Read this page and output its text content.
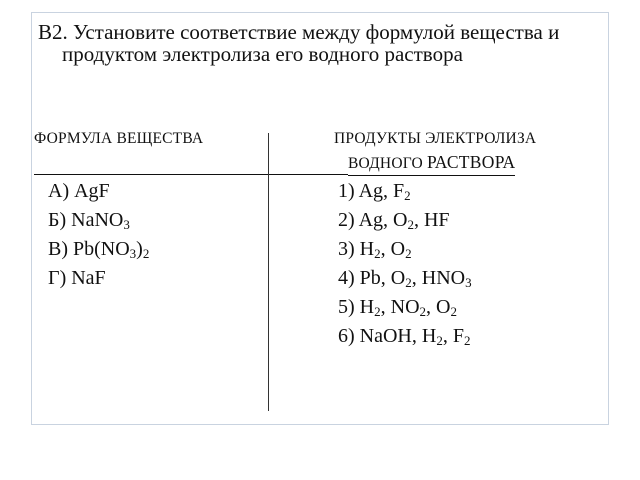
В2. Установите соответствие между формулой вещества и продуктом электролиза его водного раствора
ФОРМУЛА ВЕЩЕСТВА	ПРОДУКТЫ ЭЛЕКТРОЛИЗА
ВОДНОГО РАСТВОРА
А) AgF
Б) NaNO$_3$
В) $Pb(NO_3)_2$
Г) NaF
1) Ag, $F_2$
2) Ag, $O_2$, HF
3) $H_2$, $O_2$
4) Pb, $O_2$, $HNO_3$
5) $H_2$, $NO_2$, $O_2$
6) NaOH, $H_2$, $F_2$
